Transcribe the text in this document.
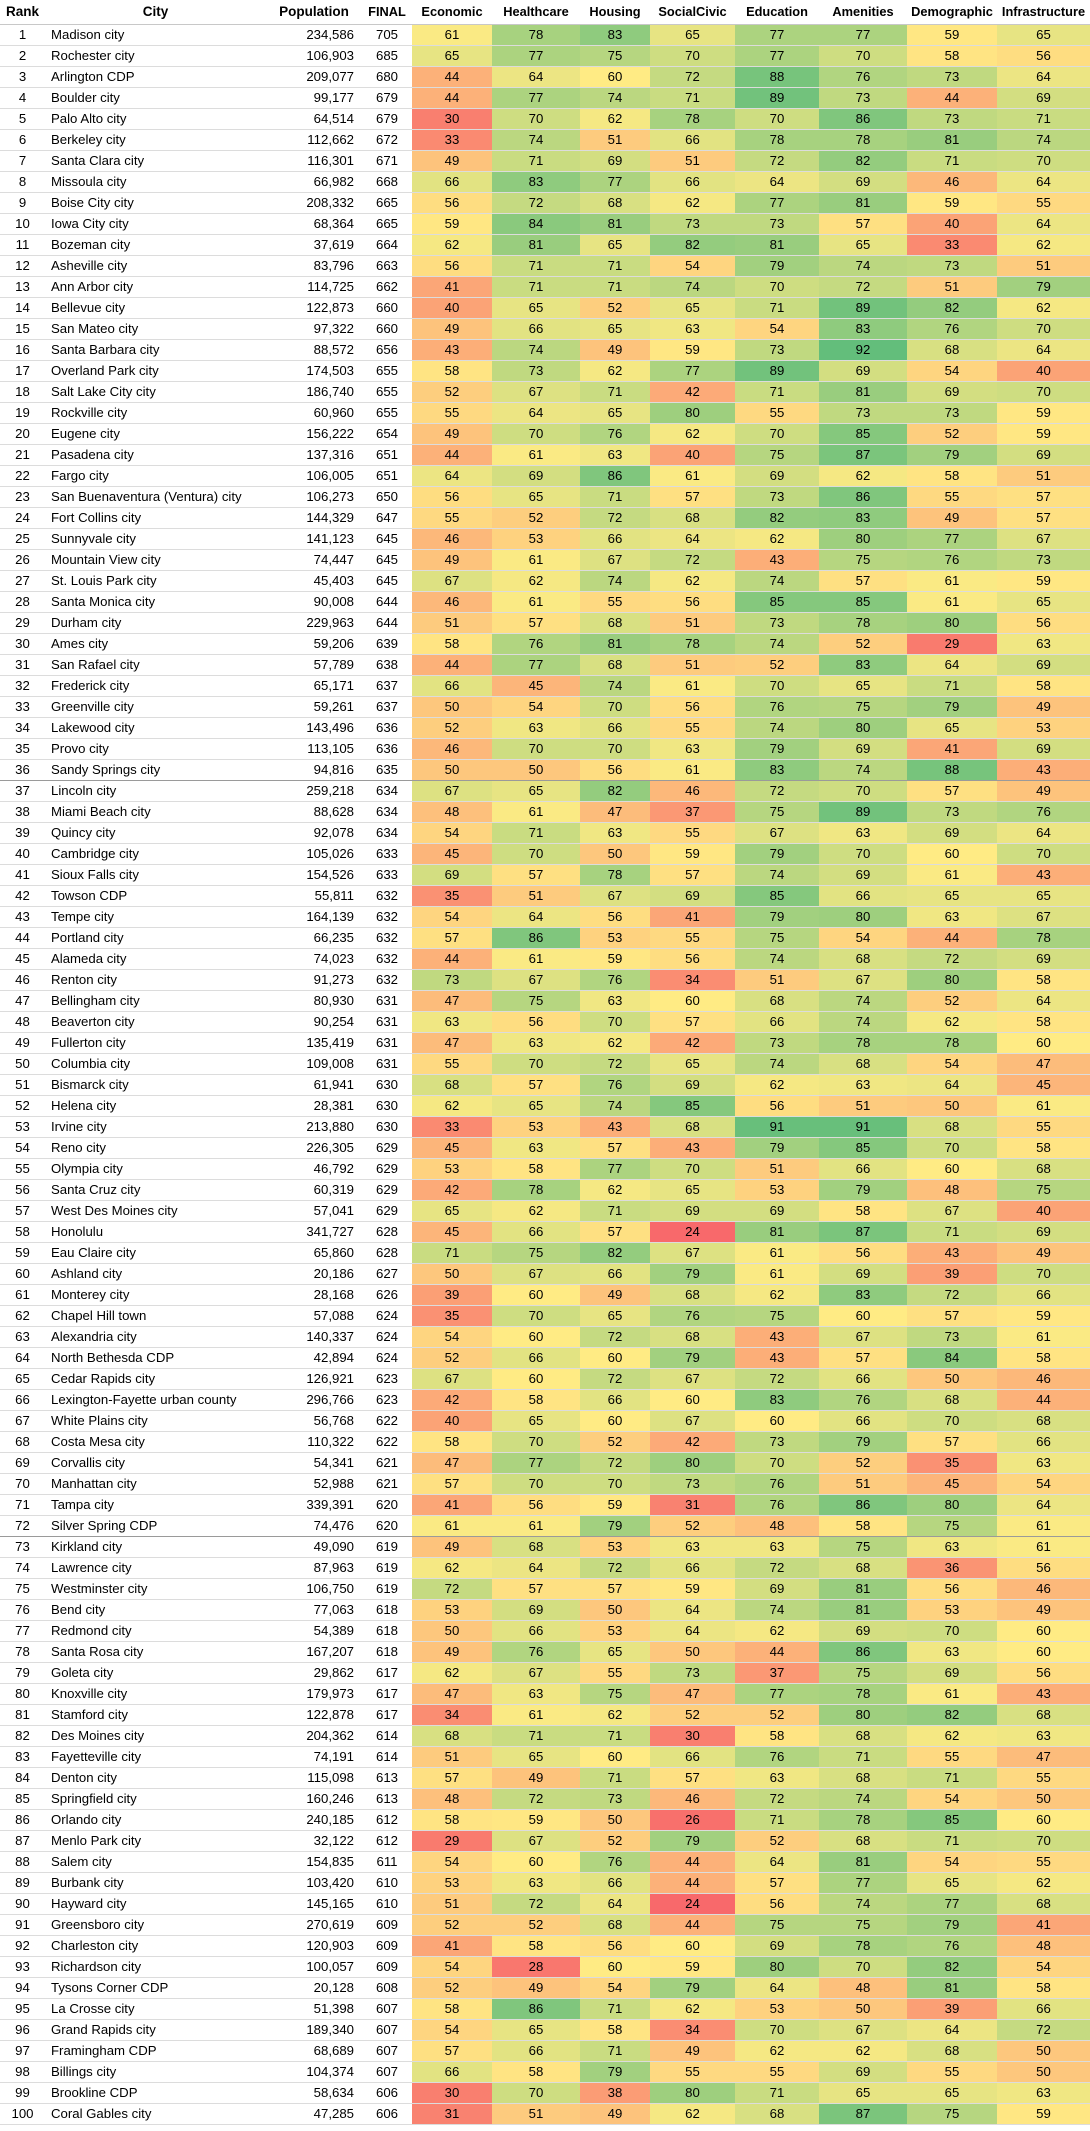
Rank	City	Population	FINAL	Economic	Healthcare	Housing	SocialCivic	Education	Amenities	Demographic	Infrastructure
1	Madison city	234,586	705	61	78	83	65	77	77	59	65
2	Rochester city	106,903	685	65	77	75	70	77	70	58	56
3	Arlington CDP	209,077	680	44	64	60	72	88	76	73	64
4	Boulder city	99,177	679	44	77	74	71	89	73	44	69
5	Palo Alto city	64,514	679	30	70	62	78	70	86	73	71
6	Berkeley city	112,662	672	33	74	51	66	78	78	81	74
7	Santa Clara city	116,301	671	49	71	69	51	72	82	71	70
8	Missoula city	66,982	668	66	83	77	66	64	69	46	64
9	Boise City city	208,332	665	56	72	68	62	77	81	59	55
10	Iowa City city	68,364	665	59	84	81	73	73	57	40	64
11	Bozeman city	37,619	664	62	81	65	82	81	65	33	62
12	Asheville city	83,796	663	56	71	71	54	79	74	73	51
13	Ann Arbor city	114,725	662	41	71	71	74	70	72	51	79
14	Bellevue city	122,873	660	40	65	52	65	71	89	82	62
15	San Mateo city	97,322	660	49	66	65	63	54	83	76	70
16	Santa Barbara city	88,572	656	43	74	49	59	73	92	68	64
17	Overland Park city	174,503	655	58	73	62	77	89	69	54	40
18	Salt Lake City city	186,740	655	52	67	71	42	71	81	69	70
19	Rockville city	60,960	655	55	64	65	80	55	73	73	59
20	Eugene city	156,222	654	49	70	76	62	70	85	52	59
21	Pasadena city	137,316	651	44	61	63	40	75	87	79	69
22	Fargo city	106,005	651	64	69	86	61	69	62	58	51
23	San Buenaventura (Ventura) city	106,273	650	56	65	71	57	73	86	55	57
24	Fort Collins city	144,329	647	55	52	72	68	82	83	49	57
25	Sunnyvale city	141,123	645	46	53	66	64	62	80	77	67
26	Mountain View city	74,447	645	49	61	67	72	43	75	76	73
27	St. Louis Park city	45,403	645	67	62	74	62	74	57	61	59
28	Santa Monica city	90,008	644	46	61	55	56	85	85	61	65
29	Durham city	229,963	644	51	57	68	51	73	78	80	56
30	Ames city	59,206	639	58	76	81	78	74	52	29	63
31	San Rafael city	57,789	638	44	77	68	51	52	83	64	69
32	Frederick city	65,171	637	66	45	74	61	70	65	71	58
33	Greenville city	59,261	637	50	54	70	56	76	75	79	49
34	Lakewood city	143,496	636	52	63	66	55	74	80	65	53
35	Provo city	113,105	636	46	70	70	63	79	69	41	69
36	Sandy Springs city	94,816	635	50	50	56	61	83	74	88	43
37	Lincoln city	259,218	634	67	65	82	46	72	70	57	49
38	Miami Beach city	88,628	634	48	61	47	37	75	89	73	76
39	Quincy city	92,078	634	54	71	63	55	67	63	69	64
40	Cambridge city	105,026	633	45	70	50	59	79	70	60	70
41	Sioux Falls city	154,526	633	69	57	78	57	74	69	61	43
42	Towson CDP	55,811	632	35	51	67	69	85	66	65	65
43	Tempe city	164,139	632	54	64	56	41	79	80	63	67
44	Portland city	66,235	632	57	86	53	55	75	54	44	78
45	Alameda city	74,023	632	44	61	59	56	74	68	72	69
46	Renton city	91,273	632	73	67	76	34	51	67	80	58
47	Bellingham city	80,930	631	47	75	63	60	68	74	52	64
48	Beaverton city	90,254	631	63	56	70	57	66	74	62	58
49	Fullerton city	135,419	631	47	63	62	42	73	78	78	60
50	Columbia city	109,008	631	55	70	72	65	74	68	54	47
51	Bismarck city	61,941	630	68	57	76	69	62	63	64	45
52	Helena city	28,381	630	62	65	74	85	56	51	50	61
53	Irvine city	213,880	630	33	53	43	68	91	91	68	55
54	Reno city	226,305	629	45	63	57	43	79	85	70	58
55	Olympia city	46,792	629	53	58	77	70	51	66	60	68
56	Santa Cruz city	60,319	629	42	78	62	65	53	79	48	75
57	West Des Moines city	57,041	629	65	62	71	69	69	58	67	40
58	Honolulu	341,727	628	45	66	57	24	81	87	71	69
59	Eau Claire city	65,860	628	71	75	82	67	61	56	43	49
60	Ashland city	20,186	627	50	67	66	79	61	69	39	70
61	Monterey city	28,168	626	39	60	49	68	62	83	72	66
62	Chapel Hill town	57,088	624	35	70	65	76	75	60	57	59
63	Alexandria city	140,337	624	54	60	72	68	43	67	73	61
64	North Bethesda CDP	42,894	624	52	66	60	79	43	57	84	58
65	Cedar Rapids city	126,921	623	67	60	72	67	72	66	50	46
66	Lexington-Fayette urban county	296,766	623	42	58	66	60	83	76	68	44
67	White Plains city	56,768	622	40	65	60	67	60	66	70	68
68	Costa Mesa city	110,322	622	58	70	52	42	73	79	57	66
69	Corvallis city	54,341	621	47	77	72	80	70	52	35	63
70	Manhattan city	52,988	621	57	70	70	73	76	51	45	54
71	Tampa city	339,391	620	41	56	59	31	76	86	80	64
72	Silver Spring CDP	74,476	620	61	61	79	52	48	58	75	61
73	Kirkland city	49,090	619	49	68	53	63	63	75	63	61
74	Lawrence city	87,963	619	62	64	72	66	72	68	36	56
75	Westminster city	106,750	619	72	57	57	59	69	81	56	46
76	Bend city	77,063	618	53	69	50	64	74	81	53	49
77	Redmond city	54,389	618	50	66	53	64	62	69	70	60
78	Santa Rosa city	167,207	618	49	76	65	50	44	86	63	60
79	Goleta city	29,862	617	62	67	55	73	37	75	69	56
80	Knoxville city	179,973	617	47	63	75	47	77	78	61	43
81	Stamford city	122,878	617	34	61	62	52	52	80	82	68
82	Des Moines city	204,362	614	68	71	71	30	58	68	62	63
83	Fayetteville city	74,191	614	51	65	60	66	76	71	55	47
84	Denton city	115,098	613	57	49	71	57	63	68	71	55
85	Springfield city	160,246	613	48	72	73	46	72	74	54	50
86	Orlando city	240,185	612	58	59	50	26	71	78	85	60
87	Menlo Park city	32,122	612	29	67	52	79	52	68	71	70
88	Salem city	154,835	611	54	60	76	44	64	81	54	55
89	Burbank city	103,420	610	53	63	66	44	57	77	65	62
90	Hayward city	145,165	610	51	72	64	24	56	74	77	68
91	Greensboro city	270,619	609	52	52	68	44	75	75	79	41
92	Charleston city	120,903	609	41	58	56	60	69	78	76	48
93	Richardson city	100,057	609	54	28	60	59	80	70	82	54
94	Tysons Corner CDP	20,128	608	52	49	54	79	64	48	81	58
95	La Crosse city	51,398	607	58	86	71	62	53	50	39	66
96	Grand Rapids city	189,340	607	54	65	58	34	70	67	64	72
97	Framingham CDP	68,689	607	57	66	71	49	62	62	68	50
98	Billings city	104,374	607	66	58	79	55	55	69	55	50
99	Brookline CDP	58,634	606	30	70	38	80	71	65	65	63
100	Coral Gables city	47,285	606	31	51	49	62	68	87	75	59
